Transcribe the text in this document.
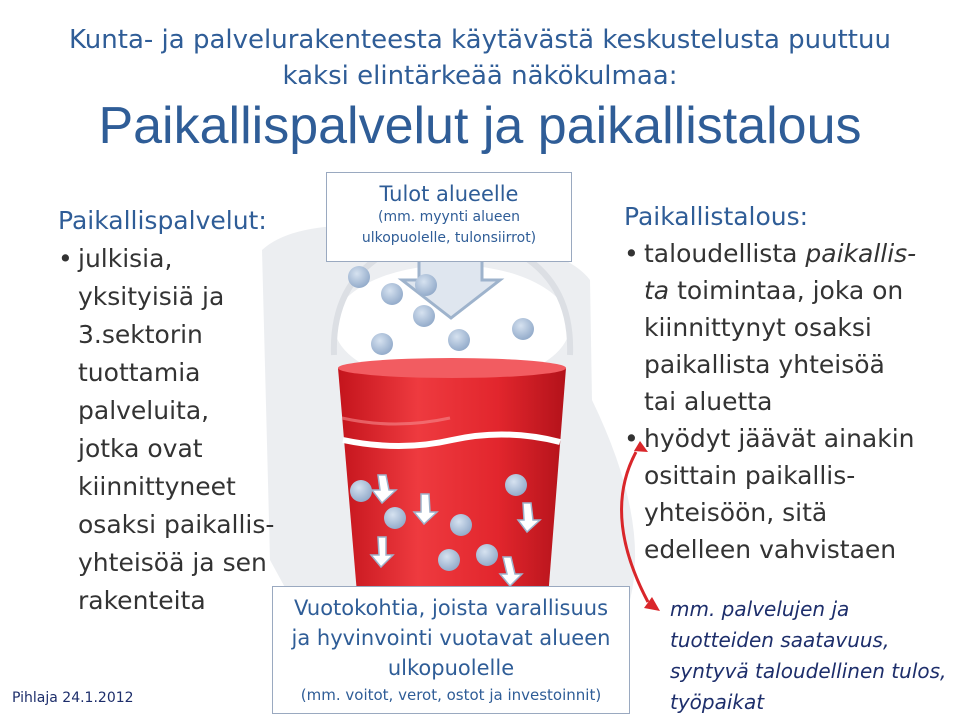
Kunta- ja palvelurakenteesta käytävästä keskustelusta puuttuu
kaksi elintärkeää näkökulmaa:
Paikallispalvelut ja paikallistalous
Tulot alueelle
(mm. myynti alueen
ulkopuolelle, tulonsiirrot)
Vuotokohtia, joista varallisuus
ja hyvinvointi vuotavat alueen
ulkopuolelle
(mm. voitot, verot, ostot ja investoinnit)
Paikallispalvelut:
• julkisia,
yksityisiä ja
3.sektorin
tuottamia
palveluita,
jotka ovat
kiinnittyneet
osaksi paikallis-
yhteisöä ja sen
rakenteita
Paikallistalous:
• taloudellista paikallis-
ta toimintaa, joka on
kiinnittynyt osaksi
paikallista yhteisöä
tai aluetta
• hyödyt jäävät ainakin
osittain paikallis-
yhteisöön, sitä
edelleen vahvistaen
mm. palvelujen ja
tuotteiden saatavuus,
syntyvä taloudellinen tulos,
työpaikat
Pihlaja 24.1.2012
